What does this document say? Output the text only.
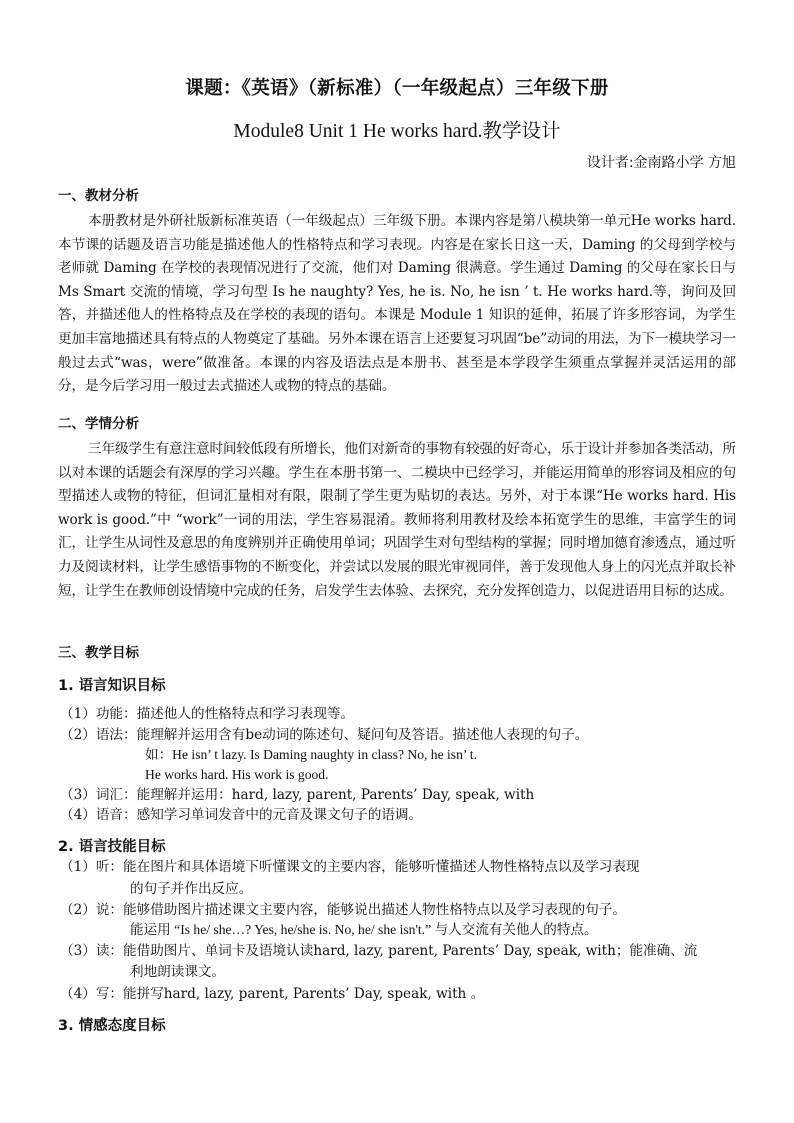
课题：《英语》（新标准）（一年级起点）三年级下册
Module8 Unit 1 He works hard.教学设计
设计者:金南路小学 方旭
一、教材分析

本册教材是外研社版新标准英语（一年级起点）三年级下册。本课内容是第八模块第一单元He works hard. 本节课的话题及语言功能是描述他人的性格特点和学习表现。内容是在家长日这一天，Daming 的父母到学校与老师就 Daming 在学校的表现情况进行了交流，他们对 Daming 很满意。学生通过 Daming 的父母在家长日与 Ms Smart 交流的情境，学习句型 Is he naughty? Yes, he is. No, he isn ’ t. He works hard.等，询问及回答，并描述他人的性格特点及在学校的表现的语句。本课是 Module 1 知识的延伸，拓展了许多形容词，为学生更加丰富地描述具有特点的人物奠定了基础。另外本课在语言上还要复习巩固“be”动词的用法，为下一模块学习一般过去式“was，were”做准备。本课的内容及语法点是本册书、甚至是本学段学生须重点掌握并灵活运用的部分，是今后学习用一般过去式描述人或物的特点的基础。

二、学情分析

三年级学生有意注意时间较低段有所增长，他们对新奇的事物有较强的好奇心，乐于设计并参加各类活动，所以对本课的话题会有深厚的学习兴趣。学生在本册书第一、二模块中已经学习，并能运用简单的形容词及相应的句型描述人或物的特征，但词汇量相对有限，限制了学生更为贴切的表达。另外，对于本课“He works hard. His work is good.”中 “work”一词的用法，学生容易混淆。教师将利用教材及绘本拓宽学生的思维，丰富学生的词汇，让学生从词性及意思的角度辨别并正确使用单词；巩固学生对句型结构的掌握；同时增加德育渗透点，通过听力及阅读材料，让学生感悟事物的不断变化，并尝试以发展的眼光审视同伴，善于发现他人身上的闪光点并取长补短，让学生在教师创设情境中完成的任务，启发学生去体验、去探究，充分发挥创造力，以促进语用目标的达成。

三、教学目标
1. 语言知识目标
（1）功能：描述他人的性格特点和学习表现等。
（2）语法：能理解并运用含有be动词的陈述句、疑问句及答语。描述他人表现的句子。
如：He isn’ t lazy. Is Daming naughty in class? No, he isn’ t.
He works hard. His work is good.
（3）词汇：能理解并运用：hard, lazy, parent, Parents’ Day, speak, with
（4）语音：感知学习单词发音中的元音及课文句子的语调。
2. 语言技能目标
（1）听：能在图片和具体语境下听懂课文的主要内容，能够听懂描述人物性格特点以及学习表现
的句子并作出反应。
（2）说：能够借助图片描述课文主要内容，能够说出描述人物性格特点以及学习表现的句子。
能运用 “Is he/ she…? Yes, he/she is. No, he/ she isn't.” 与人交流有关他人的特点。
（3）读：能借助图片、单词卡及语境认读hard, lazy, parent, Parents’ Day, speak, with；能准确、流
利地朗读课文。
（4）写：能拼写hard, lazy, parent, Parents’ Day, speak, with 。
3. 情感态度目标
